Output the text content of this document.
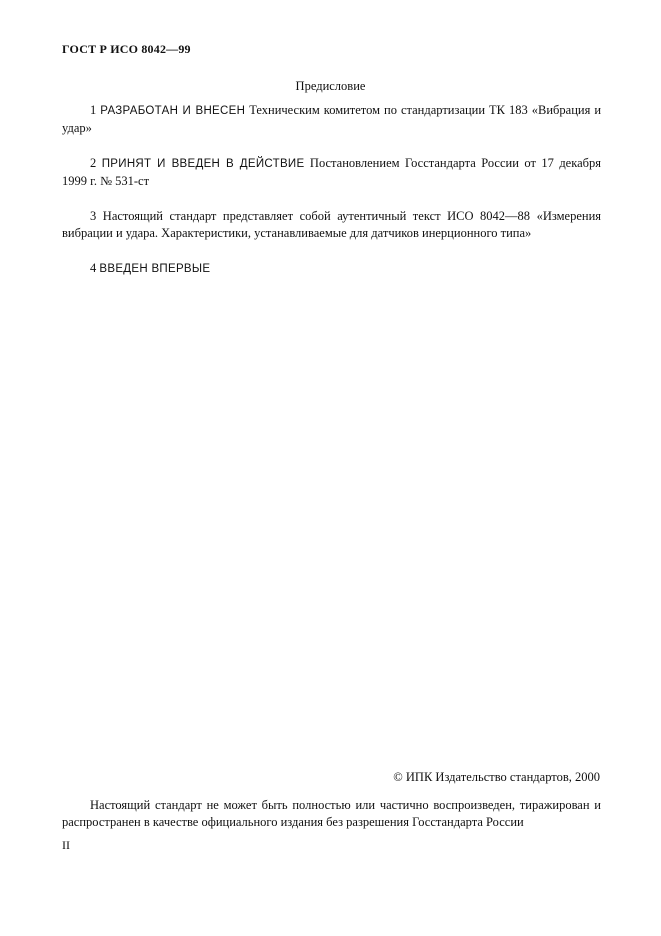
ГОСТ Р ИСО 8042—99
Предисловие

1 РАЗРАБОТАН И ВНЕСЕН Техническим комитетом по стандартизации ТК 183 «Вибрация и удар»

2 ПРИНЯТ И ВВЕДЕН В ДЕЙСТВИЕ Постановлением Госстандарта России от 17 декабря 1999 г. № 531-ст

3 Настоящий стандарт представляет собой аутентичный текст ИСО 8042—88 «Измерения вибрации и удара. Характеристики, устанавливаемые для датчиков инерционного типа»

4 ВВЕДЕН ВПЕРВЫЕ

© ИПК Издательство стандартов, 2000

Настоящий стандарт не может быть полностью или частично воспроизведен, тиражирован и распространен в качестве официального издания без разрешения Госстандарта России

II
